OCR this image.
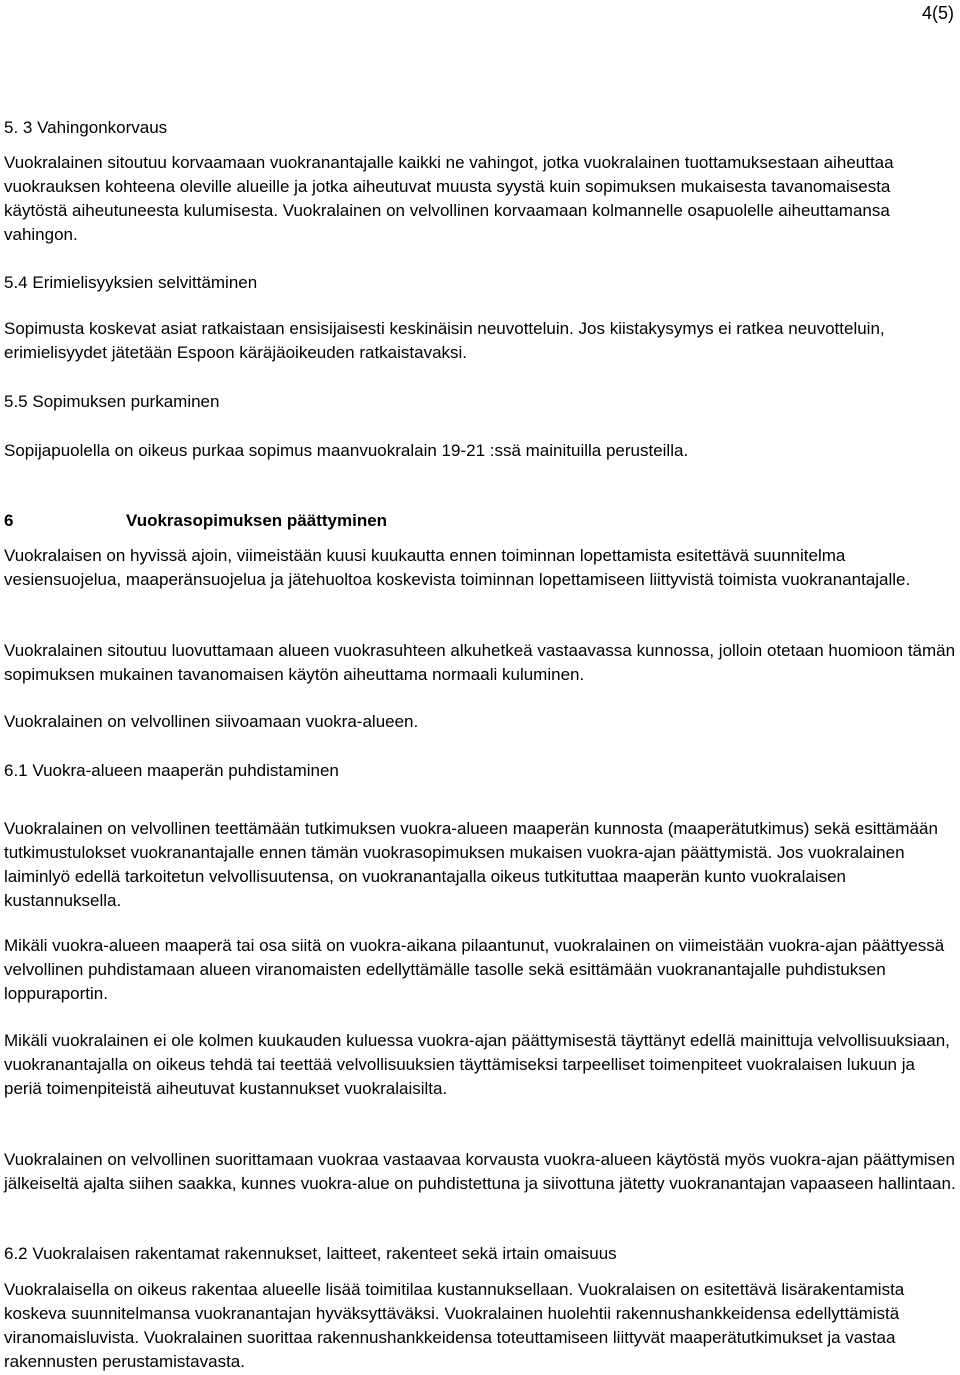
4(5)

5. 3 Vahingonkorvaus

Vuokralainen sitoutuu korvaamaan vuokranantajalle kaikki ne vahingot, jotka vuokralainen tuottamuksestaan aiheuttaa vuokrauksen kohteena oleville alueille ja jotka aiheutuvat muusta syystä kuin sopimuksen mukaisesta tavanomaisesta käytöstä aiheutuneesta kulumisesta. Vuokralainen on velvollinen korvaamaan kolmannelle osapuolelle aiheuttamansa vahingon.

5.4 Erimielisyyksien selvittäminen

Sopimusta koskevat asiat ratkaistaan ensisijaisesti keskinäisin neuvotteluin. Jos kiistakysymys ei ratkea neuvotteluin, erimielisyydet jätetään Espoon käräjäoikeuden ratkaistavaksi.

5.5 Sopimuksen purkaminen

Sopijapuolella on oikeus purkaa sopimus maanvuokralain 19-21 :ssä mainituilla perusteilla.

6	Vuokrasopimuksen päättyminen

Vuokralaisen on hyvissä ajoin, viimeistään kuusi kuukautta ennen toiminnan lopettamista esitettävä suunnitelma vesiensuojelua, maaperänsuojelua ja jätehuoltoa koskevista toiminnan lopettamiseen liittyvistä toimista vuokranantajalle.

Vuokralainen sitoutuu luovuttamaan alueen vuokrasuhteen alkuhetkeä vastaavassa kunnossa, jolloin otetaan huomioon tämän sopimuksen mukainen tavanomaisen käytön aiheuttama normaali kuluminen.

Vuokralainen on velvollinen siivoamaan vuokra-alueen.

6.1 Vuokra-alueen maaperän puhdistaminen

Vuokralainen on velvollinen teettämään tutkimuksen vuokra-alueen maaperän kunnosta (maaperätutkimus) sekä esittämään tutkimustulokset vuokranantajalle ennen tämän vuokrasopimuksen mukaisen vuokra-ajan päättymistä. Jos vuokralainen laiminlyö edellä tarkoitetun velvollisuutensa, on vuokranantajalla oikeus tutkituttaa maaperän kunto vuokralaisen kustannuksella.

Mikäli vuokra-alueen maaperä tai osa siitä on vuokra-aikana pilaantunut, vuokralainen on viimeistään vuokra-ajan päättyessä velvollinen puhdistamaan alueen viranomaisten edellyttämälle tasolle sekä esittämään vuokranantajalle puhdistuksen loppuraportin.

Mikäli vuokralainen ei ole kolmen kuukauden kuluessa vuokra-ajan päättymisestä täyttänyt edellä mainittuja velvollisuuksiaan, vuokranantajalla on oikeus tehdä tai teettää velvollisuuksien täyttämiseksi tarpeelliset toimenpiteet vuokralaisen lukuun ja periä toimenpiteistä aiheutuvat kustannukset vuokralaisilta.

Vuokralainen on velvollinen suorittamaan vuokraa vastaavaa korvausta vuokra-alueen käytöstä myös vuokra-ajan päättymisen jälkeiseltä ajalta siihen saakka, kunnes vuokra-alue on puhdistettuna ja siivottuna jätetty vuokranantajan vapaaseen hallintaan.

6.2 Vuokralaisen rakentamat rakennukset, laitteet, rakenteet sekä irtain omaisuus

Vuokralaisella on oikeus rakentaa alueelle lisää toimitilaa kustannuksellaan. Vuokralaisen on esitettävä lisärakentamista koskeva suunnitelmansa vuokranantajan hyväksyttäväksi. Vuokralainen huolehtii rakennushankkeidensa edellyttämistä viranomaisluvista. Vuokralainen suorittaa rakennushankkeidensa toteuttamiseen liittyvät maaperätutkimukset ja vastaa rakennusten perustamistavasta.
